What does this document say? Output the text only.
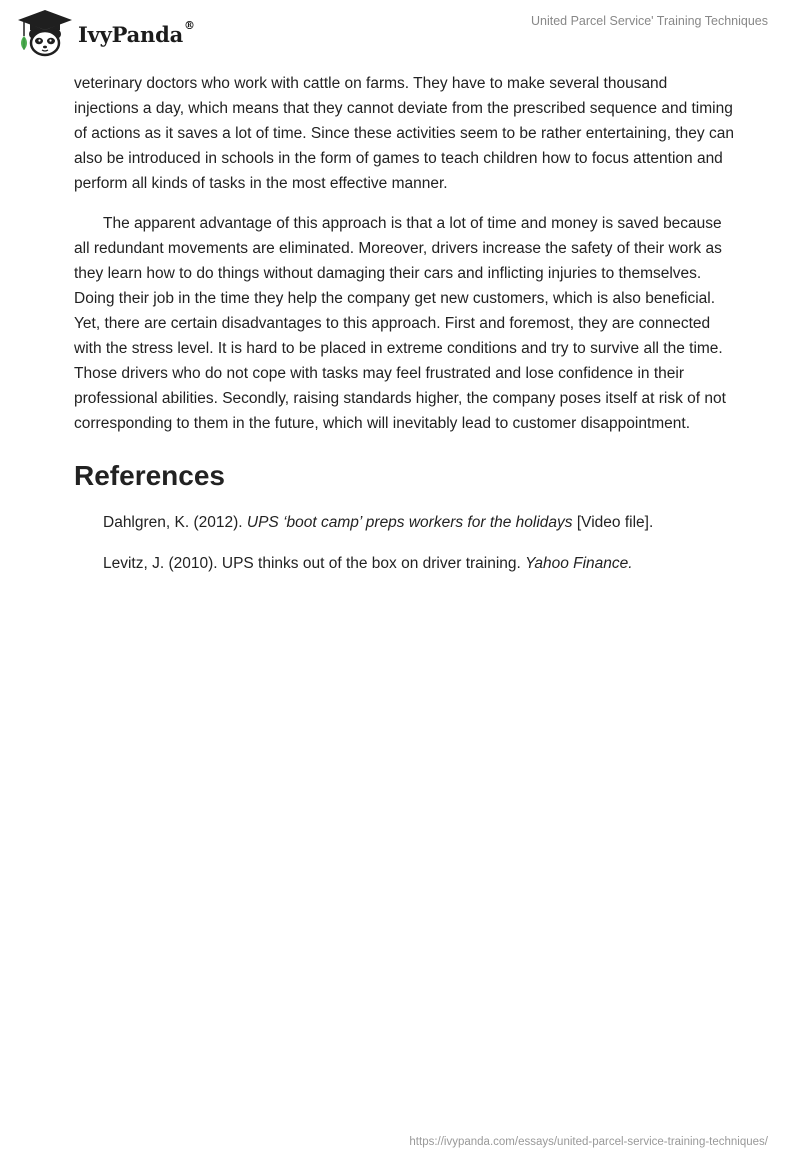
IvyPanda®	United Parcel Service' Training Techniques

veterinary doctors who work with cattle on farms. They have to make several thousand injections a day, which means that they cannot deviate from the prescribed sequence and timing of actions as it saves a lot of time. Since these activities seem to be rather entertaining, they can also be introduced in schools in the form of games to teach children how to focus attention and perform all kinds of tasks in the most effective manner.

The apparent advantage of this approach is that a lot of time and money is saved because all redundant movements are eliminated. Moreover, drivers increase the safety of their work as they learn how to do things without damaging their cars and inflicting injuries to themselves. Doing their job in the time they help the company get new customers, which is also beneficial. Yet, there are certain disadvantages to this approach. First and foremost, they are connected with the stress level. It is hard to be placed in extreme conditions and try to survive all the time. Those drivers who do not cope with tasks may feel frustrated and lose confidence in their professional abilities. Secondly, raising standards higher, the company poses itself at risk of not corresponding to them in the future, which will inevitably lead to customer disappointment.

References

Dahlgren, K. (2012). UPS ‘boot camp’ preps workers for the holidays [Video file].

Levitz, J. (2010). UPS thinks out of the box on driver training. Yahoo Finance.

https://ivypanda.com/essays/united-parcel-service-training-techniques/
